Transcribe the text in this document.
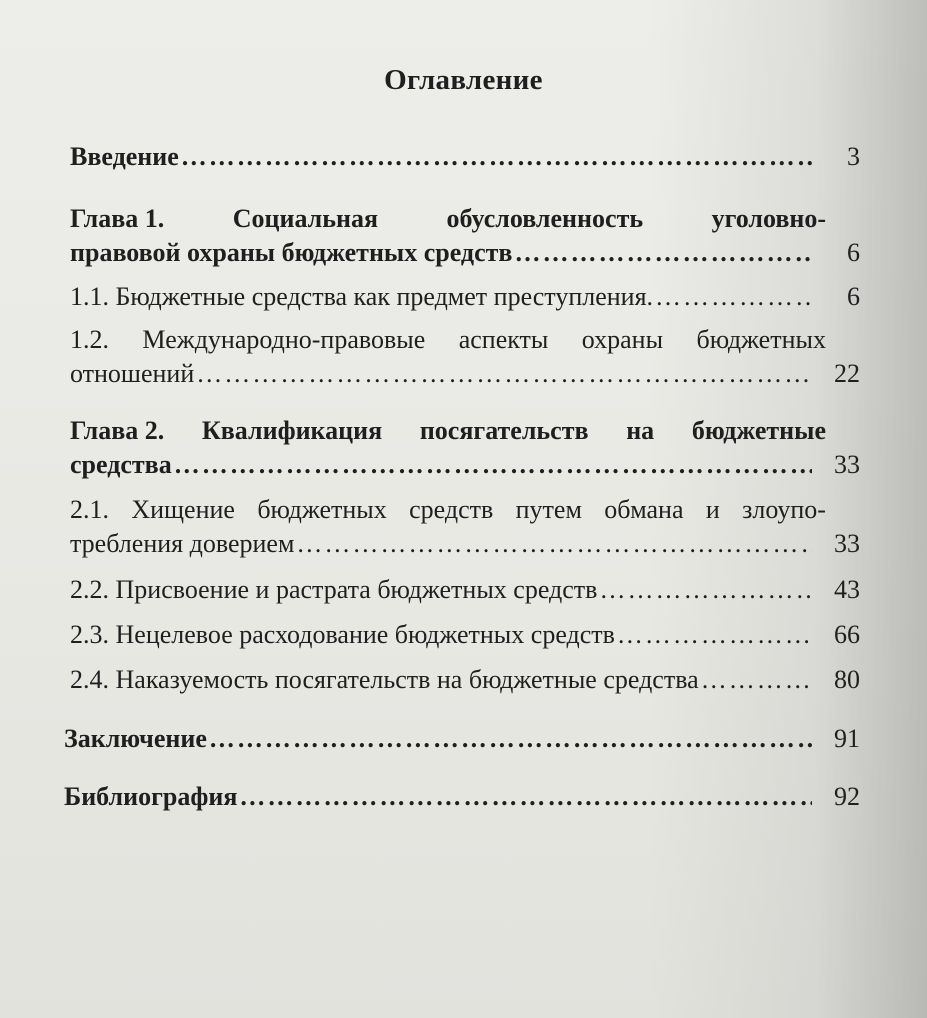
Оглавление
Введение ………………………………………………………………………………………………………………………………	3
Глава 1.	Социальная	обусловленность	уголовно-
правовой охраны бюджетных средств ………………………………………………………………………………………………………………………………	6
1.1. Бюджетные средства как предмет преступления. ………………………………………………………………………………………………………………………………	6
1.2. Международно-правовые аспекты охраны бюджетных
отношений ………………………………………………………………………………………………………………………………	22
Глава 2. Квалификация посягательств на бюджетные
средства ………………………………………………………………………………………………………………………………	33
2.1. Хищение бюджетных средств путем обмана и злоупо-
требления доверием ………………………………………………………………………………………………………………………………	33
2.2. Присвоение и растрата бюджетных средств ………………………………………………………………………………………………………………………………	43
2.3. Нецелевое расходование бюджетных средств ………………………………………………………………………………………………………………………………	66
2.4. Наказуемость посягательств на бюджетные средства ………………………………………………………………………………………………………………………………	80
Заключение ………………………………………………………………………………………………………………………………	91
Библиография ………………………………………………………………………………………………………………………………	92
